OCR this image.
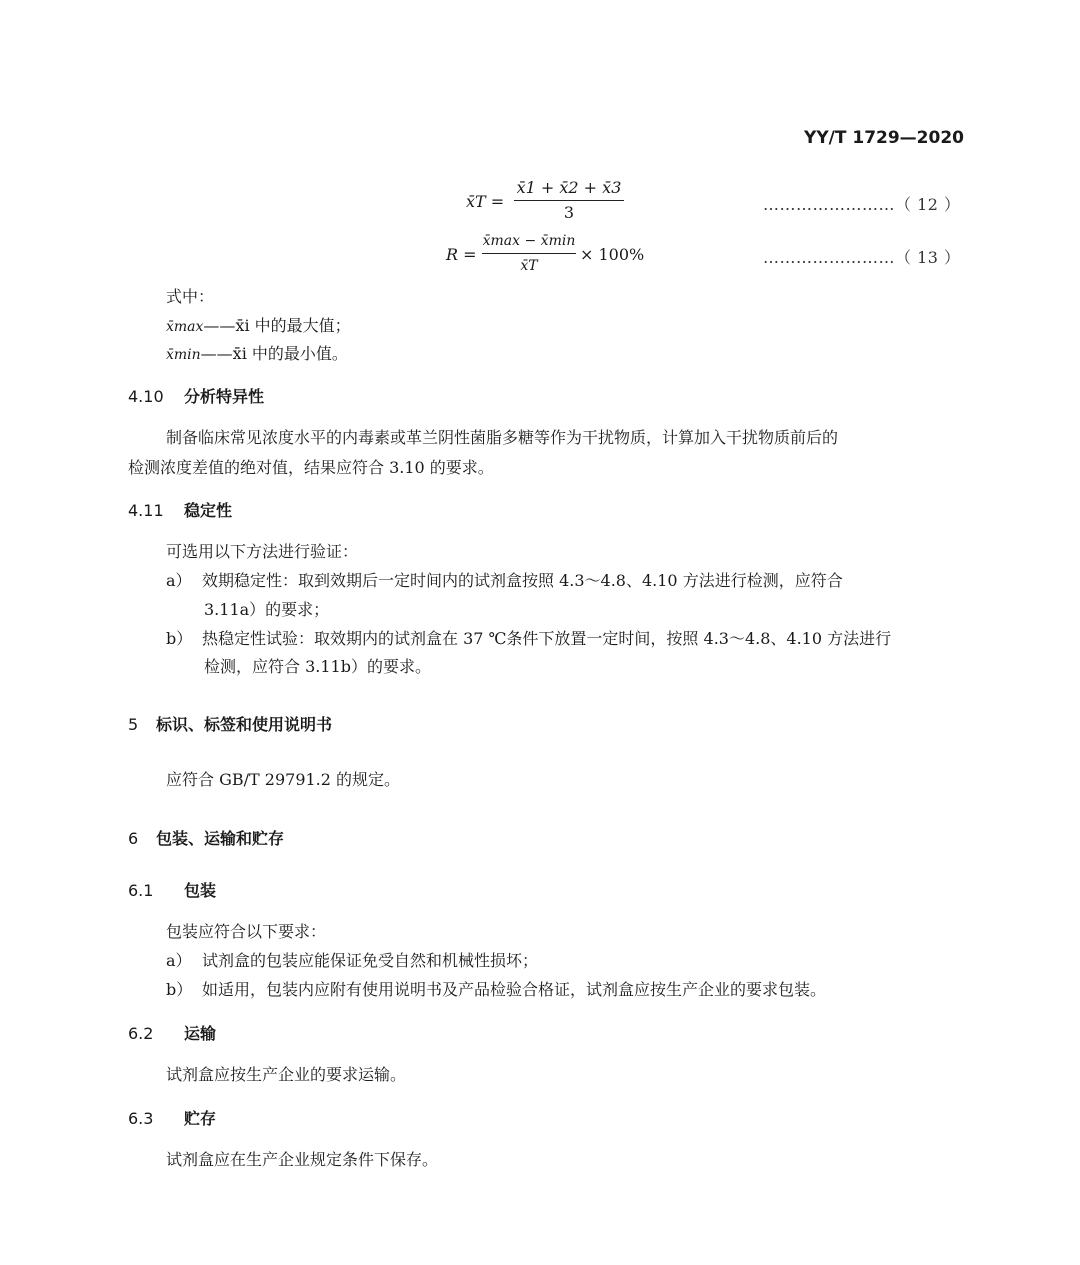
YY/T 1729—2020
x̄T =
x̄1 + x̄2 + x̄3
3	……………………（ 12 ）
R =
x̄max − x̄min
x̄T
× 100%	……………………（ 13 ）
式中：
x̄max——x̄i 中的最大值；
x̄min——x̄i 中的最小值。
4.10 分析特异性
制备临床常见浓度水平的内毒素或革兰阴性菌脂多糖等作为干扰物质，计算加入干扰物质前后的
检测浓度差值的绝对值，结果应符合 3.10 的要求。
4.11 稳定性
可选用以下方法进行验证：
a） 效期稳定性：取到效期后一定时间内的试剂盒按照 4.3～4.8、4.10 方法进行检测，应符合
3.11a）的要求；
b） 热稳定性试验：取效期内的试剂盒在 37 ℃条件下放置一定时间，按照 4.3～4.8、4.10 方法进行
检测，应符合 3.11b）的要求。
5 标识、标签和使用说明书
应符合 GB/T 29791.2 的规定。
6 包装、运输和贮存
6.1 包装
包装应符合以下要求：
a） 试剂盒的包装应能保证免受自然和机械性损坏；
b） 如适用，包装内应附有使用说明书及产品检验合格证，试剂盒应按生产企业的要求包装。
6.2 运输
试剂盒应按生产企业的要求运输。
6.3 贮存
试剂盒应在生产企业规定条件下保存。
